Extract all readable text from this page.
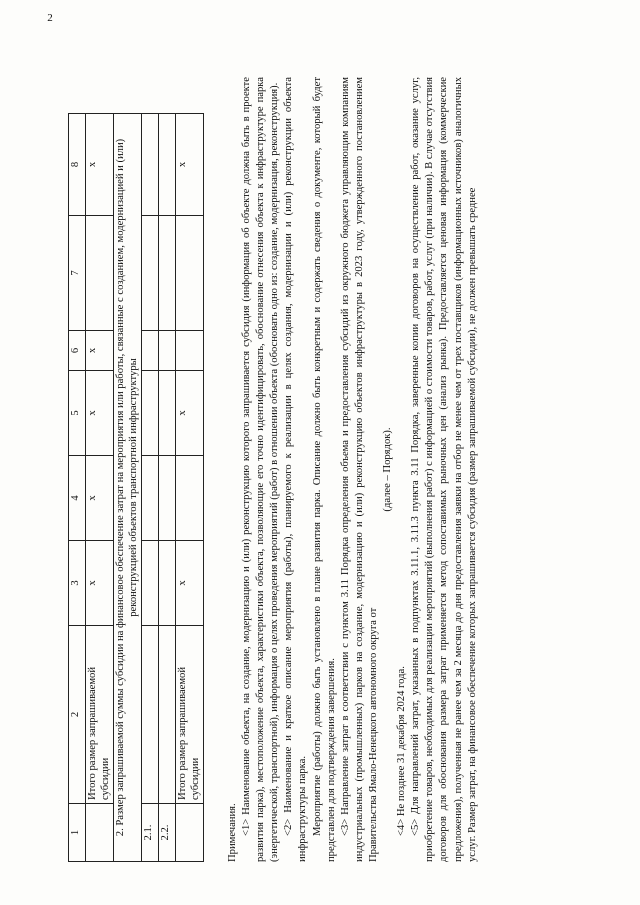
2
1	2	3	4	5	6	7	8
	Итого размер запрашиваемой субсидии	х	х	х	х		х
2. Размер запрашиваемой суммы субсидии на финансовое обеспечение затрат на мероприятия или работы, связанные с созданием, модернизацией и (или) реконструкцией объектов транспортной инфраструктуры							
2.1.							
2.2.							
	Итого размер запрашиваемой субсидии	х		х			х

Примечания. <1> Наименование объекта, на создание, модернизацию и (или) реконструкцию которого запрашивается субсидия (информация об объекте должна быть в проекте развития парка), местоположение объекта, характеристики объекта, позволяющие его точно идентифицировать, обоснование отнесения объекта к инфраструктуре парка (энергетической, транспортной), информация о целях проведения мероприятий (работ) в отношении объекта (обосновать одно из: создание, модернизация, реконструкция). <2> Наименование и краткое описание мероприятия (работы), планируемого к реализации в целях создания, модернизации и (или) реконструкции объекта инфраструктуры парка. Мероприятие (работы) должно быть установлено в плане развития парка. Описание должно быть конкретным и содержать сведения о документе, который будет представлен для подтверждения завершения. <3> Направление затрат в соответствии с пунктом 3.11 Порядка определения объема и предоставления субсидий из окружного бюджета управляющим компаниям индустриальных (промышленных) парков на создание, модернизацию и (или) реконструкцию объектов инфраструктуры в 2023 году, утвержденного постановлением Правительства Ямало-Ненецкого автономного округа от

(далее – Порядок).

<4> Не позднее 31 декабря 2024 года. <5> Для направлений затрат, указанных в подпунктах 3.11.1, 3.11.3 пункта 3.11 Порядка, заверенные копии договоров на осуществление работ, оказание услуг, приобретение товаров, необходимых для реализации мероприятий (выполнения работ) с информацией о стоимости товаров, работ, услуг (при наличии). В случае отсутствия договоров для обоснования размера затрат применяется метод сопоставимых рыночных цен (анализ рынка). Предоставляется ценовая информация (коммерческие предложения), полученная не ранее чем за 2 месяца до дня предоставления заявки на отбор не менее чем от трех поставщиков (информационных источников) аналогичных услуг. Размер затрат, на финансовое обеспечение которых запрашивается субсидия (размер запрашиваемой субсидии), не должен превышать среднее
